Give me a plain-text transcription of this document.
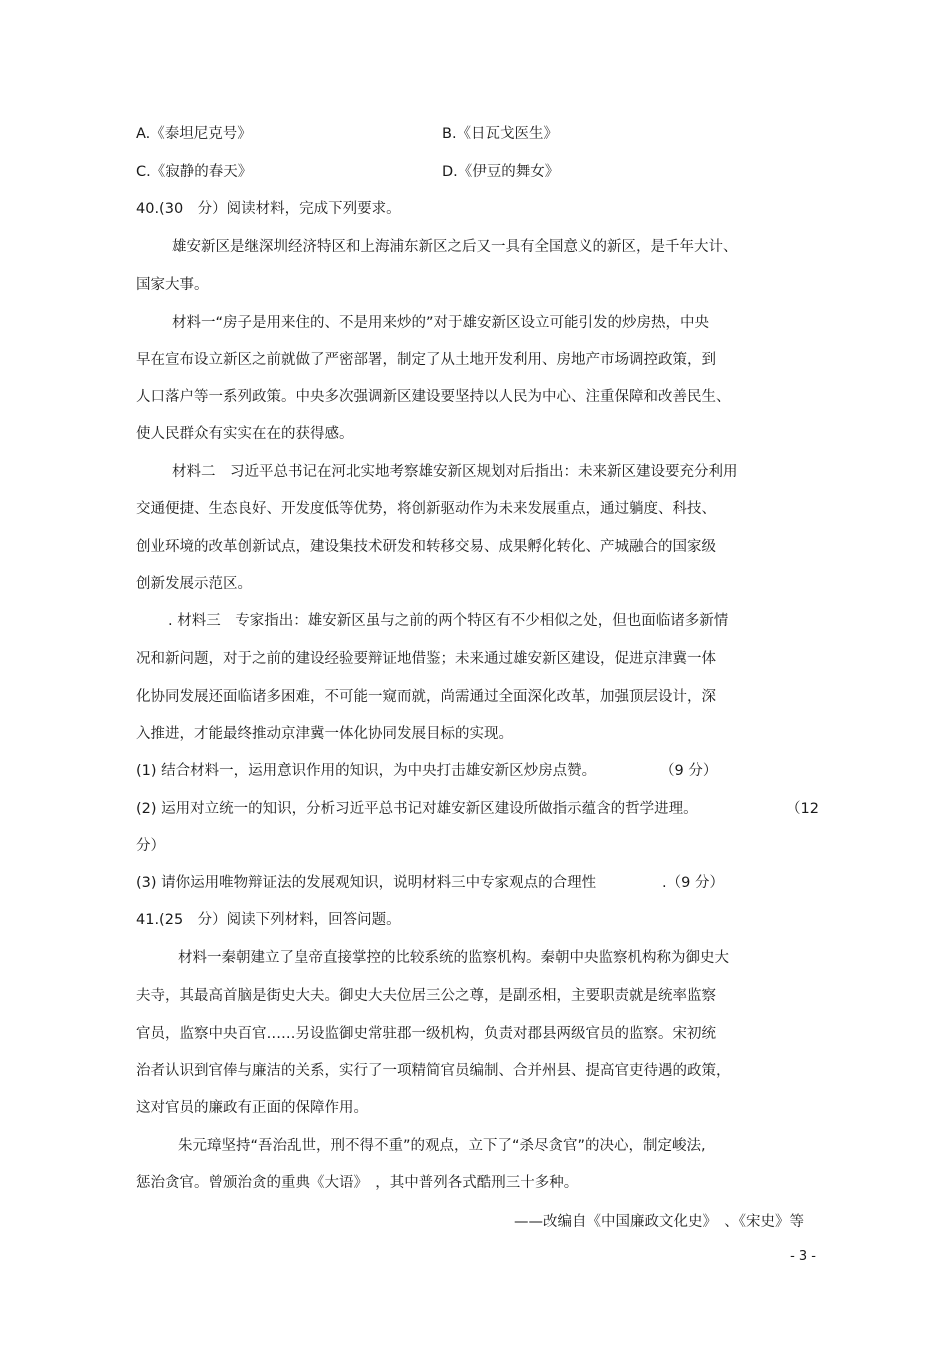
A.《泰坦尼克号》	B.《日瓦戈医生》
C.《寂静的春天》	D.《伊豆的舞女》
40.(30　分）阅读材料，完成下列要求。
雄安新区是继深圳经济特区和上海浦东新区之后又一具有全国意义的新区，是千年大计、
国家大事。
材料一“房子是用来住的、不是用来炒的”对于雄安新区设立可能引发的炒房热，中央
早在宣布设立新区之前就做了严密部署，制定了从土地开发利用、房地产市场调控政策，到
人口落户等一系列政策。中央多次强调新区建设要坚持以人民为中心、注重保障和改善民生、
使人民群众有实实在在的获得感。
材料二　习近平总书记在河北实地考察雄安新区规划对后指出：未来新区建设要充分利用
交通便捷、生态良好、开发度低等优势，将创新驱动作为未来发展重点，通过躺度、科技、
创业环境的改革创新试点，建设集技术研发和转移交易、成果孵化转化、产城融合的国家级
创新发展示范区。
. 材料三　专家指出：雄安新区虽与之前的两个特区有不少相似之处，但也面临诸多新情
况和新问题，对于之前的建设经验要辩证地借鉴；未来通过雄安新区建设，促进京津冀一体
化协同发展还面临诸多困难，不可能一窥而就，尚需通过全面深化改革，加强顶层设计，深
入推进，才能最终推动京津冀一体化协同发展目标的实现。
(1) 结合材料一，运用意识作用的知识，为中央打击雄安新区炒房点赞。	（9 分）
(2) 运用对立统一的知识，分析习近平总书记对雄安新区建设所做指示蕴含的哲学进理。	（12
分）
(3) 请你运用唯物辩证法的发展观知识，说明材料三中专家观点的合理性	.（9 分）
41.(25　分）阅读下列材料，回答问题。
材料一秦朝建立了皇帝直接掌控的比较系统的监察机构。秦朝中央监察机构称为御史大
夫寺，其最高首脑是街史大夫。御史大夫位居三公之尊，是副丞相，主要职责就是统率监察
官员，监察中央百官……另设监御史常驻郡一级机构，负责对郡县两级官员的监察。宋初统
治者认识到官俸与廉洁的关系，实行了一项精简官员编制、合并州县、提高官吏待遇的政策，
这对官员的廉政有正面的保障作用。
朱元璋坚持“吾治乱世，刑不得不重”的观点，立下了“杀尽贪官”的决心，制定峻法,
惩治贪官。曾颁治贪的重典《大语》　，其中普列各式酷刑三十多种。
——改编自《中国廉政文化史》　、《宋史》等
- 3 -
